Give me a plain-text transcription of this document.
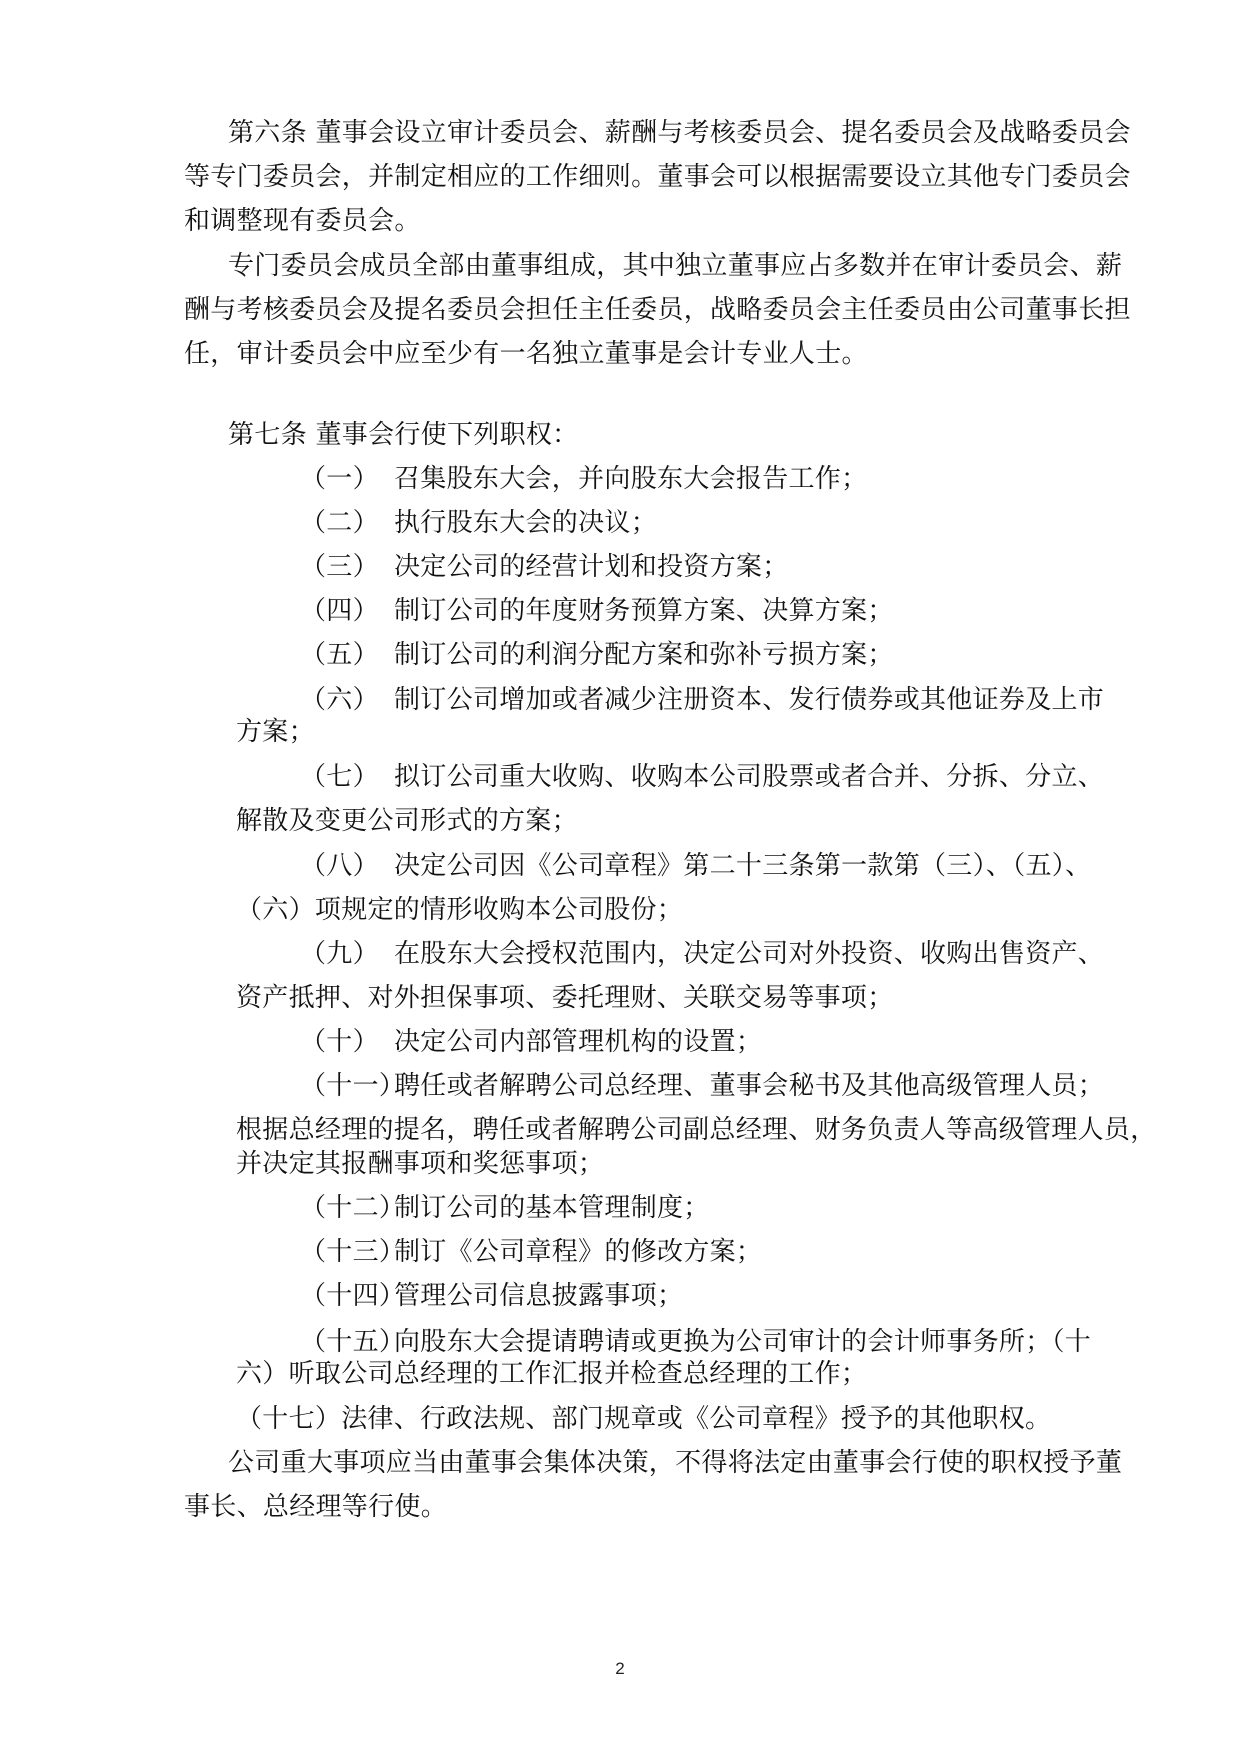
第六条 董事会设立审计委员会、薪酬与考核委员会、提名委员会及战略委员会
等专门委员会，并制定相应的工作细则。董事会可以根据需要设立其他专门委员会
和调整现有委员会。
专门委员会成员全部由董事组成，其中独立董事应占多数并在审计委员会、薪
酬与考核委员会及提名委员会担任主任委员，战略委员会主任委员由公司董事长担
任，审计委员会中应至少有一名独立董事是会计专业人士。
第七条 董事会行使下列职权：
（一） 召集股东大会，并向股东大会报告工作；
（二） 执行股东大会的决议；
（三） 决定公司的经营计划和投资方案；
（四） 制订公司的年度财务预算方案、决算方案；
（五） 制订公司的利润分配方案和弥补亏损方案；
（六） 制订公司增加或者减少注册资本、发行债券或其他证券及上市
方案；
（七） 拟订公司重大收购、收购本公司股票或者合并、分拆、分立、
解散及变更公司形式的方案；
（八） 决定公司因《公司章程》第二十三条第一款第（三）、（五）、
（六）项规定的情形收购本公司股份；
（九） 在股东大会授权范围内，决定公司对外投资、收购出售资产、
资产抵押、对外担保事项、委托理财、关联交易等事项；
（十） 决定公司内部管理机构的设置；
（十一）
聘任或者解聘公司总经理、董事会秘书及其他高级管理人员；
根据总经理的提名，聘任或者解聘公司副总经理、财务负责人等高级管理人员，
并决定其报酬事项和奖惩事项；
（十二）
制订公司的基本管理制度；
（十三）
制订《公司章程》的修改方案；
（十四）
管理公司信息披露事项；
（十五）
向股东大会提请聘请或更换为公司审计的会计师事务所；（十
六）听取公司总经理的工作汇报并检查总经理的工作；
（十七）法律、行政法规、部门规章或《公司章程》授予的其他职权。
公司重大事项应当由董事会集体决策，不得将法定由董事会行使的职权授予董
事长、总经理等行使。
2
